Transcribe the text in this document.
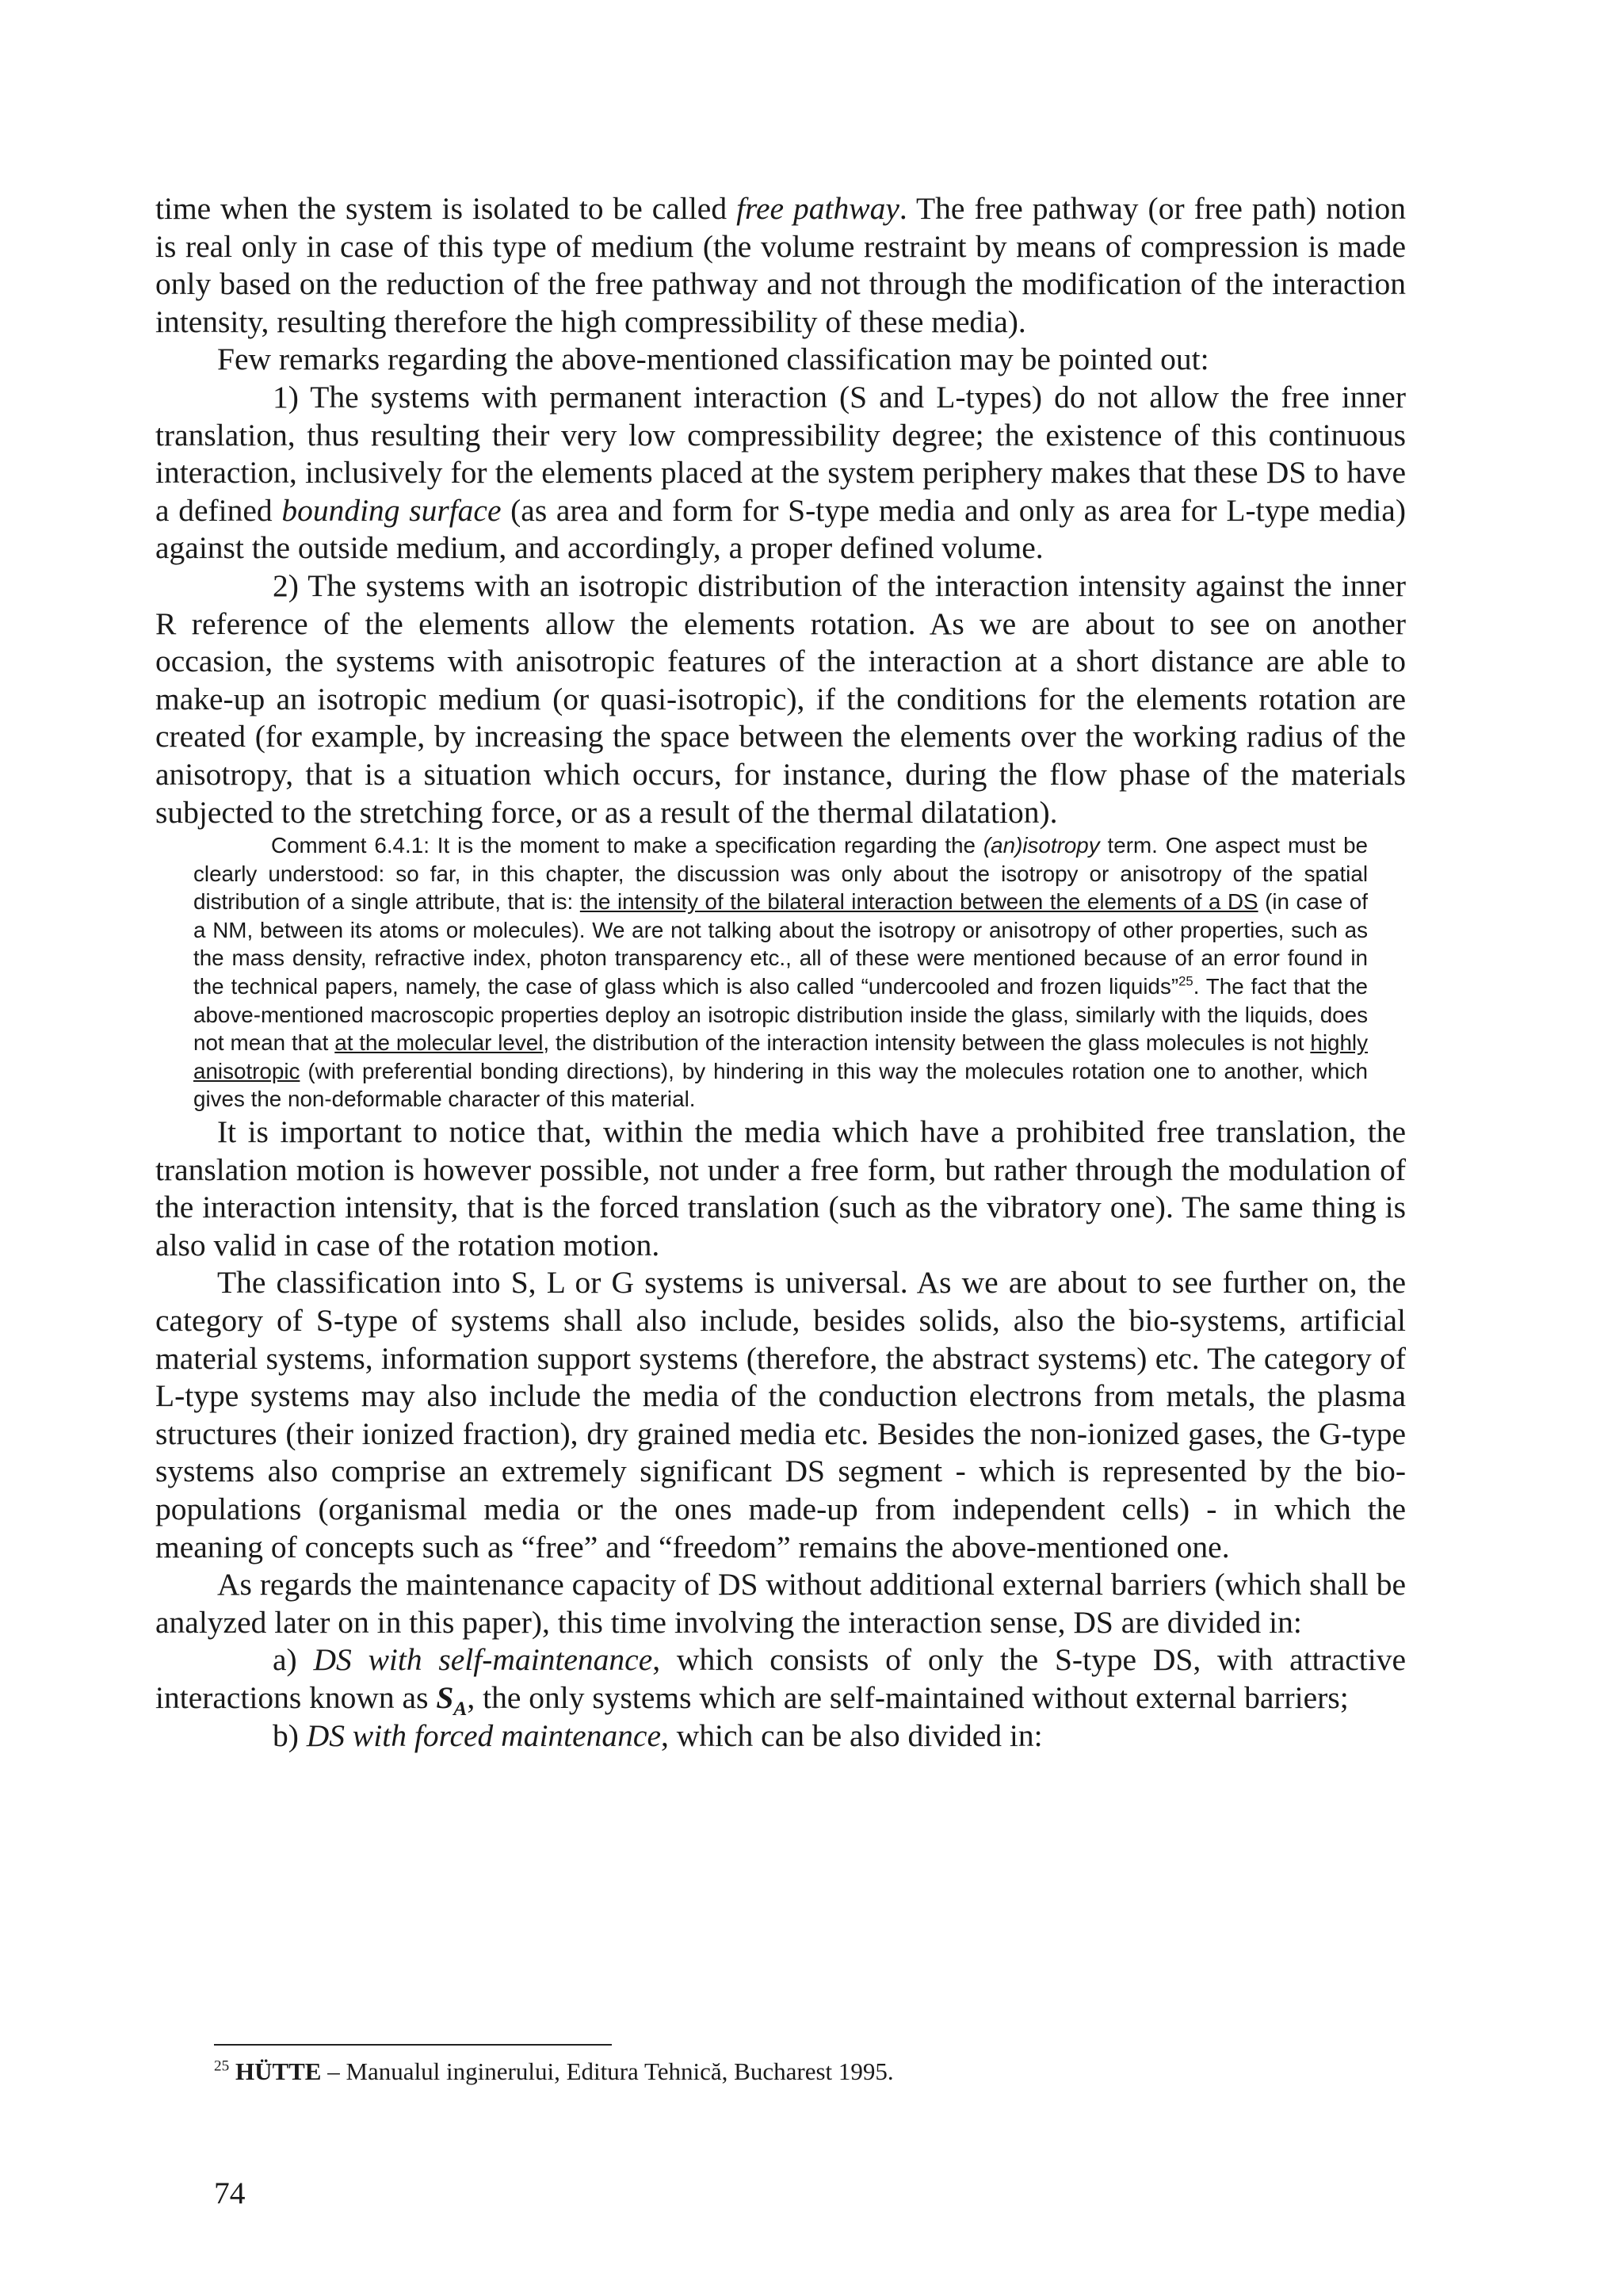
time when the system is isolated to be called free pathway. The free pathway (or free path) notion is real only in case of this type of medium (the volume restraint by means of compression is made only based on the reduction of the free pathway and not through the modification of the interaction intensity, resulting therefore the high compressibility of these media).

Few remarks regarding the above-mentioned classification may be pointed out:

1) The systems with permanent interaction (S and L-types) do not allow the free inner translation, thus resulting their very low compressibility degree; the existence of this continuous interaction, inclusively for the elements placed at the system periphery makes that these DS to have a defined bounding surface (as area and form for S-type media and only as area for L-type media) against the outside medium, and accordingly, a proper defined volume.

2) The systems with an isotropic distribution of the interaction intensity against the inner R reference of the elements allow the elements rotation. As we are about to see on another occasion, the systems with anisotropic features of the interaction at a short distance are able to make-up an isotropic medium (or quasi-isotropic), if the conditions for the elements rotation are created (for example, by increasing the space between the elements over the working radius of the anisotropy, that is a situation which occurs, for instance, during the flow phase of the materials subjected to the stretching force, or as a result of the thermal dilatation).

Comment 6.4.1: It is the moment to make a specification regarding the (an)isotropy term. One aspect must be clearly understood: so far, in this chapter, the discussion was only about the isotropy or anisotropy of the spatial distribution of a single attribute, that is: the intensity of the bilateral interaction between the elements of a DS (in case of a NM, between its atoms or molecules). We are not talking about the isotropy or anisotropy of other properties, such as the mass density, refractive index, photon transparency etc., all of these were mentioned because of an error found in the technical papers, namely, the case of glass which is also called “undercooled and frozen liquids”$^{25}$. The fact that the above-mentioned macroscopic properties deploy an isotropic distribution inside the glass, similarly with the liquids, does not mean that at the molecular level, the distribution of the interaction intensity between the glass molecules is not highly anisotropic (with preferential bonding directions), by hindering in this way the molecules rotation one to another, which gives the non-deformable character of this material.

It is important to notice that, within the media which have a prohibited free translation, the translation motion is however possible, not under a free form, but rather through the modulation of the interaction intensity, that is the forced translation (such as the vibratory one). The same thing is also valid in case of the rotation motion.

The classification into S, L or G systems is universal. As we are about to see further on, the category of S-type of systems shall also include, besides solids, also the bio-systems, artificial material systems, information support systems (therefore, the abstract systems) etc. The category of L-type systems may also include the media of the conduction electrons from metals, the plasma structures (their ionized fraction), dry grained media etc. Besides the non-ionized gases, the G-type systems also comprise an extremely significant DS segment - which is represented by the bio-populations (organismal media or the ones made-up from independent cells) - in which the meaning of concepts such as “free” and “freedom” remains the above-mentioned one.

As regards the maintenance capacity of DS without additional external barriers (which shall be analyzed later on in this paper), this time involving the interaction sense, DS are divided in:

a) DS with self-maintenance, which consists of only the S-type DS, with attractive interactions known as $S_A$, the only systems which are self-maintained without external barriers;

b) DS with forced maintenance, which can be also divided in:

$^{25}$ HÜTTE – Manualul inginerului, Editura Tehnică, Bucharest 1995.

74
